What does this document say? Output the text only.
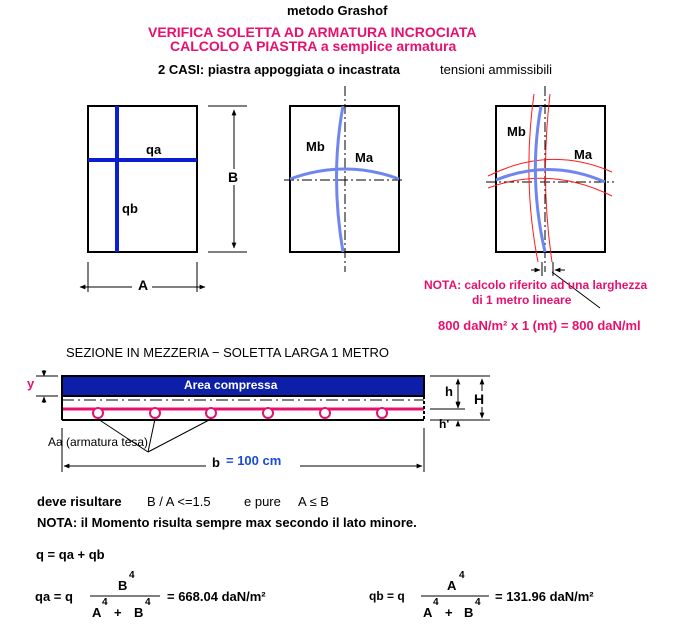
metodo Grashof
VERIFICA SOLETTA AD ARMATURA INCROCIATA
CALCOLO A PIASTRA a semplice armatura
2 CASI: piastra appoggiata o incastrata	tensioni ammissibili
qa
qb
B
A
Mb
Ma
Mb
Ma
NOTA: calcolo riferito ad una larghezza
di 1 metro lineare
800 daN/m² x 1 (mt) = 800 daN/ml
SEZIONE IN MEZZERIA − SOLETTA LARGA 1 METRO
Area compressa
y
h H
h'
Aa (armatura tesa)
b = 100 cm
deve risultare B / A <=1.5	e pure A ≤ B
NOTA: il Momento risulta sempre max secondo il lato minore.
q = qa + qb
qa = q
B
4
A
4
+ B
4 = 668.04 daN/m²	qb = q
A
4
A
4
+ B
4 = 131.96 daN/m²
